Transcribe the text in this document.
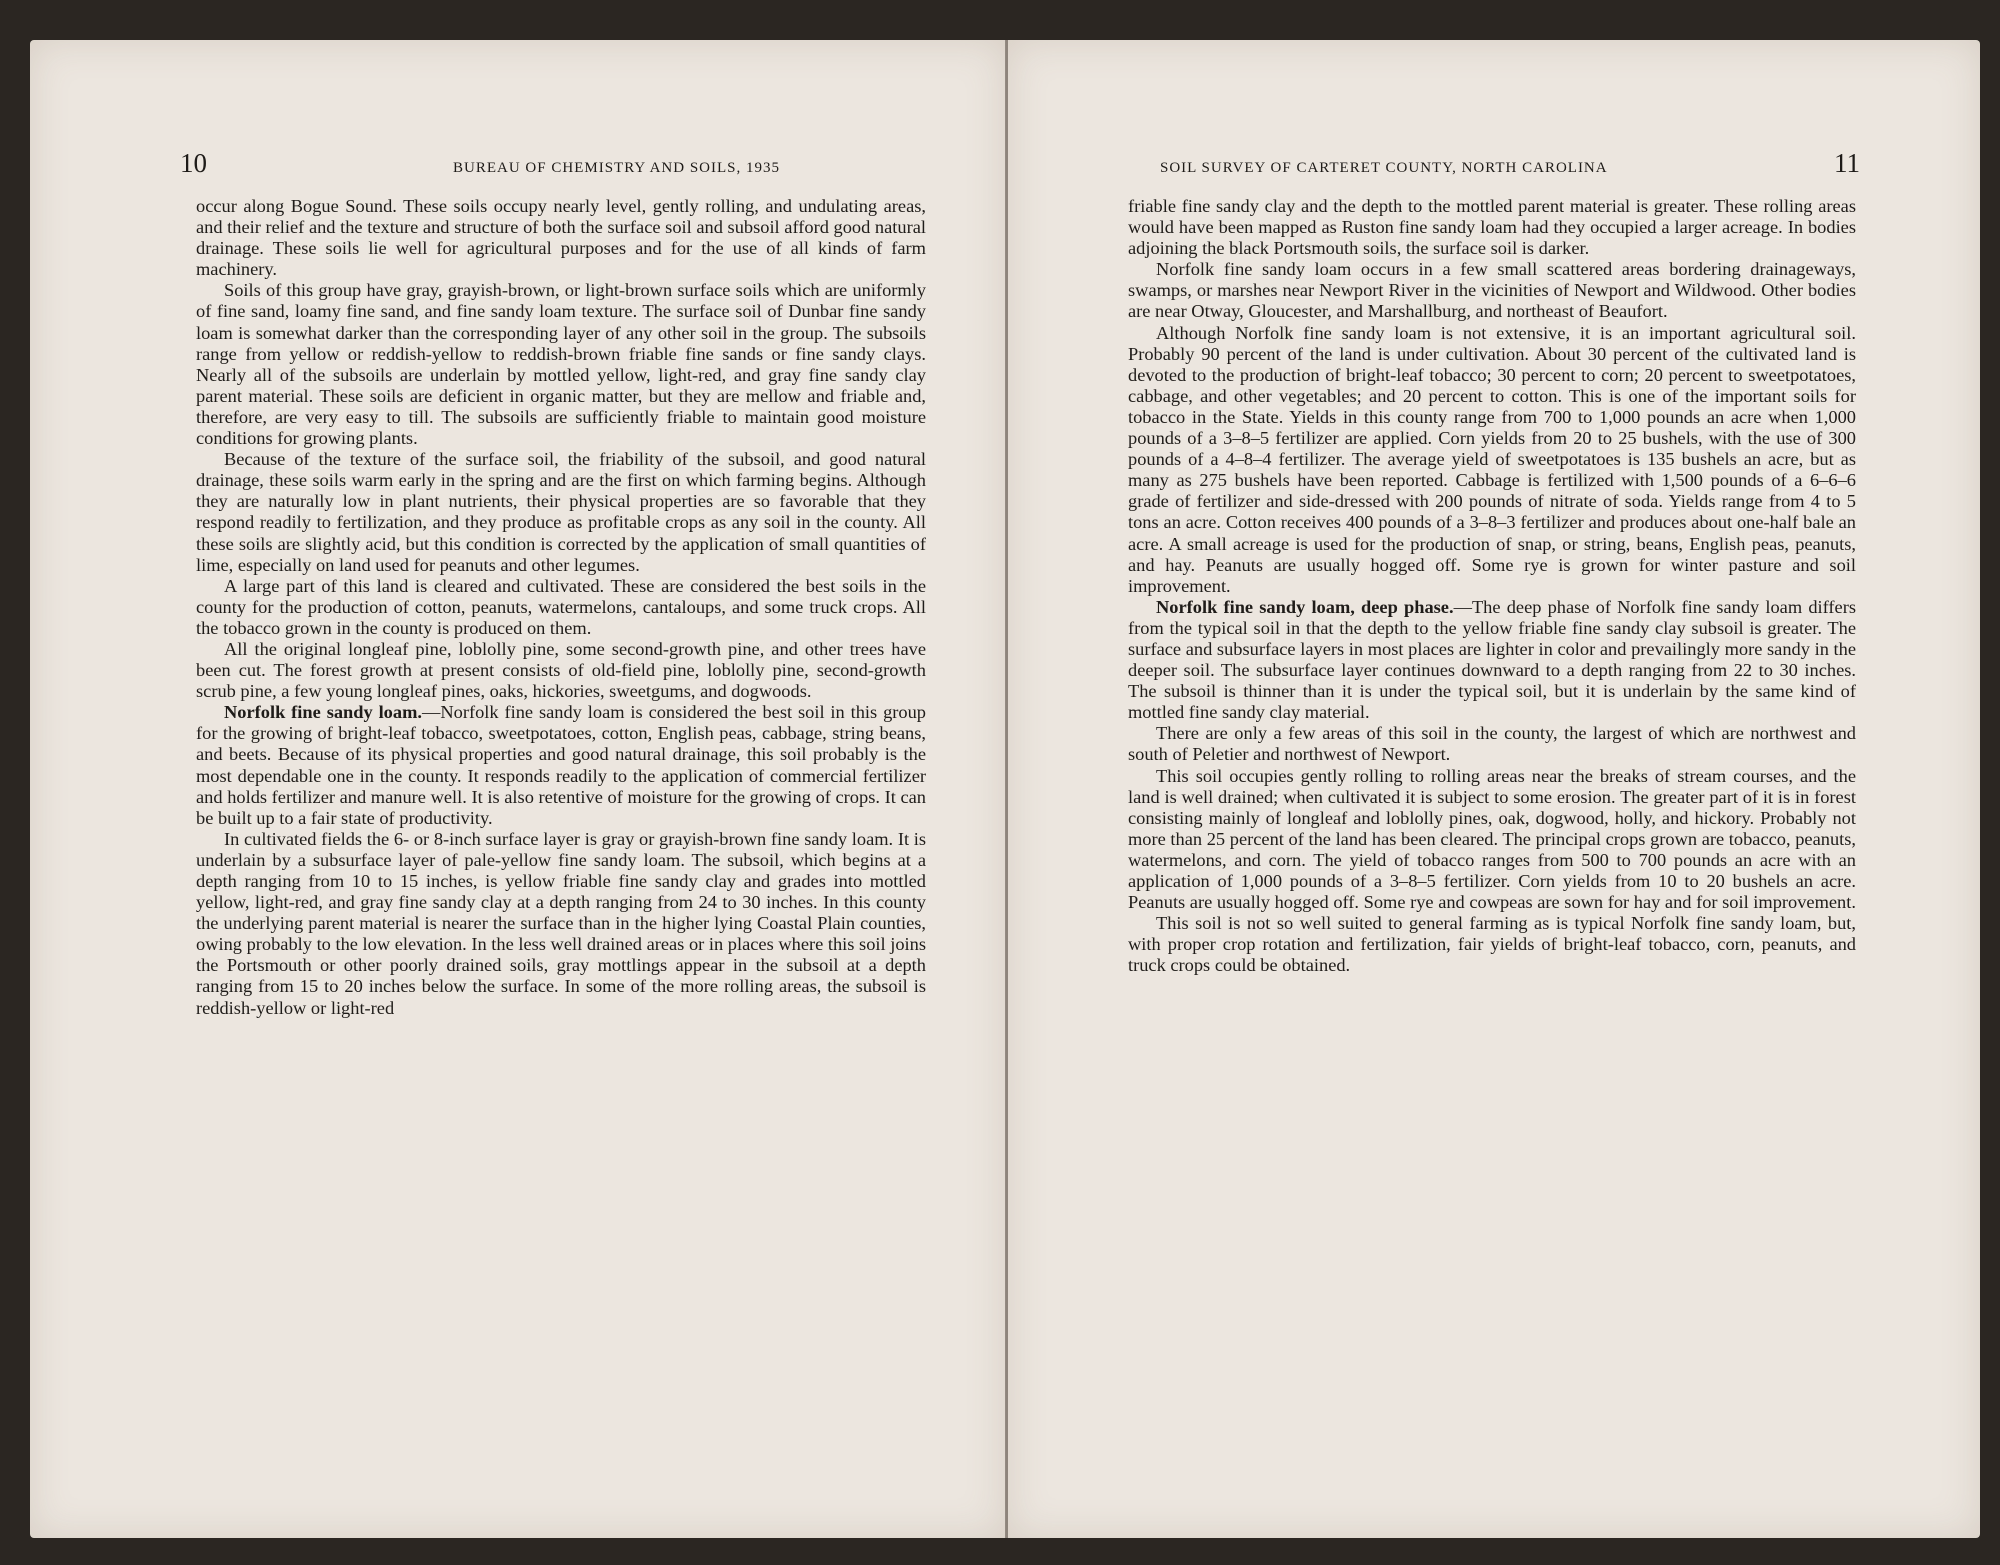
10	BUREAU OF CHEMISTRY AND SOILS, 1935

occur along Bogue Sound. These soils occupy nearly level, gently rolling, and undulating areas, and their relief and the texture and structure of both the surface soil and subsoil afford good natural drainage. These soils lie well for agricultural purposes and for the use of all kinds of farm machinery.

Soils of this group have gray, grayish-brown, or light-brown surface soils which are uniformly of fine sand, loamy fine sand, and fine sandy loam texture. The surface soil of Dunbar fine sandy loam is somewhat darker than the corresponding layer of any other soil in the group. The subsoils range from yellow or reddish-yellow to reddish-brown friable fine sands or fine sandy clays. Nearly all of the subsoils are underlain by mottled yellow, light-red, and gray fine sandy clay parent material. These soils are deficient in organic matter, but they are mellow and friable and, therefore, are very easy to till. The subsoils are sufficiently friable to maintain good moisture conditions for growing plants.

Because of the texture of the surface soil, the friability of the subsoil, and good natural drainage, these soils warm early in the spring and are the first on which farming begins. Although they are naturally low in plant nutrients, their physical properties are so favorable that they respond readily to fertilization, and they produce as profitable crops as any soil in the county. All these soils are slightly acid, but this condition is corrected by the application of small quantities of lime, especially on land used for peanuts and other legumes.

A large part of this land is cleared and cultivated. These are considered the best soils in the county for the production of cotton, peanuts, watermelons, cantaloups, and some truck crops. All the tobacco grown in the county is produced on them.

All the original longleaf pine, loblolly pine, some second-growth pine, and other trees have been cut. The forest growth at present consists of old-field pine, loblolly pine, second-growth scrub pine, a few young longleaf pines, oaks, hickories, sweetgums, and dogwoods.

Norfolk fine sandy loam.—Norfolk fine sandy loam is considered the best soil in this group for the growing of bright-leaf tobacco, sweetpotatoes, cotton, English peas, cabbage, string beans, and beets. Because of its physical properties and good natural drainage, this soil probably is the most dependable one in the county. It responds readily to the application of commercial fertilizer and holds fertilizer and manure well. It is also retentive of moisture for the growing of crops. It can be built up to a fair state of productivity.

In cultivated fields the 6- or 8-inch surface layer is gray or grayish-brown fine sandy loam. It is underlain by a subsurface layer of pale-yellow fine sandy loam. The subsoil, which begins at a depth ranging from 10 to 15 inches, is yellow friable fine sandy clay and grades into mottled yellow, light-red, and gray fine sandy clay at a depth ranging from 24 to 30 inches. In this county the underlying parent material is nearer the surface than in the higher lying Coastal Plain counties, owing probably to the low elevation. In the less well drained areas or in places where this soil joins the Portsmouth or other poorly drained soils, gray mottlings appear in the subsoil at a depth ranging from 15 to 20 inches below the surface. In some of the more rolling areas, the subsoil is reddish-yellow or light-red

SOIL SURVEY OF CARTERET COUNTY, NORTH CAROLINA	11

friable fine sandy clay and the depth to the mottled parent material is greater. These rolling areas would have been mapped as Ruston fine sandy loam had they occupied a larger acreage. In bodies adjoining the black Portsmouth soils, the surface soil is darker.

Norfolk fine sandy loam occurs in a few small scattered areas bordering drainageways, swamps, or marshes near Newport River in the vicinities of Newport and Wildwood. Other bodies are near Otway, Gloucester, and Marshallburg, and northeast of Beaufort.

Although Norfolk fine sandy loam is not extensive, it is an important agricultural soil. Probably 90 percent of the land is under cultivation. About 30 percent of the cultivated land is devoted to the production of bright-leaf tobacco; 30 percent to corn; 20 percent to sweetpotatoes, cabbage, and other vegetables; and 20 percent to cotton. This is one of the important soils for tobacco in the State. Yields in this county range from 700 to 1,000 pounds an acre when 1,000 pounds of a 3–8–5 fertilizer are applied. Corn yields from 20 to 25 bushels, with the use of 300 pounds of a 4–8–4 fertilizer. The average yield of sweetpotatoes is 135 bushels an acre, but as many as 275 bushels have been reported. Cabbage is fertilized with 1,500 pounds of a 6–6–6 grade of fertilizer and side-dressed with 200 pounds of nitrate of soda. Yields range from 4 to 5 tons an acre. Cotton receives 400 pounds of a 3–8–3 fertilizer and produces about one-half bale an acre. A small acreage is used for the production of snap, or string, beans, English peas, peanuts, and hay. Peanuts are usually hogged off. Some rye is grown for winter pasture and soil improvement.

Norfolk fine sandy loam, deep phase.—The deep phase of Norfolk fine sandy loam differs from the typical soil in that the depth to the yellow friable fine sandy clay subsoil is greater. The surface and subsurface layers in most places are lighter in color and prevailingly more sandy in the deeper soil. The subsurface layer continues downward to a depth ranging from 22 to 30 inches. The subsoil is thinner than it is under the typical soil, but it is underlain by the same kind of mottled fine sandy clay material.

There are only a few areas of this soil in the county, the largest of which are northwest and south of Peletier and northwest of Newport.

This soil occupies gently rolling to rolling areas near the breaks of stream courses, and the land is well drained; when cultivated it is subject to some erosion. The greater part of it is in forest consisting mainly of longleaf and loblolly pines, oak, dogwood, holly, and hickory. Probably not more than 25 percent of the land has been cleared. The principal crops grown are tobacco, peanuts, watermelons, and corn. The yield of tobacco ranges from 500 to 700 pounds an acre with an application of 1,000 pounds of a 3–8–5 fertilizer. Corn yields from 10 to 20 bushels an acre. Peanuts are usually hogged off. Some rye and cowpeas are sown for hay and for soil improvement.

This soil is not so well suited to general farming as is typical Norfolk fine sandy loam, but, with proper crop rotation and fertilization, fair yields of bright-leaf tobacco, corn, peanuts, and truck crops could be obtained.
